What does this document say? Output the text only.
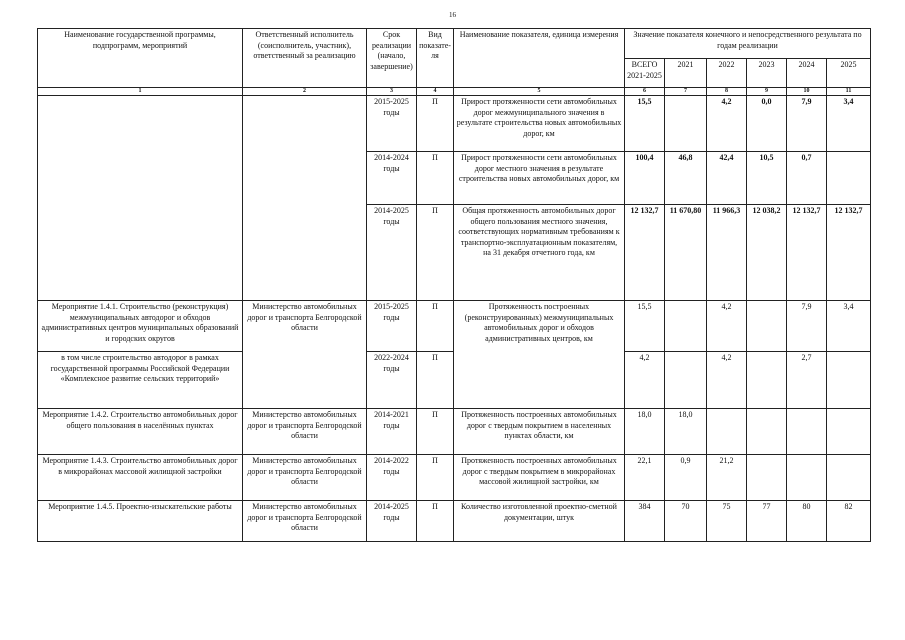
16
Наименование государственной программы, подпрограмм, мероприятий	Ответственный исполнитель (соисполнитель, участник), ответственный за реализацию	Срок реализации (начало, завершение)	Вид показате-ля	Наименование показателя, единица измерения	Значение показателя конечного и непосредственного результата по годам реализации					
					ВСЕГО 2021-2025	2021	2022	2023	2024	2025
1	2	3	4	5	6	7	8	9	10	11
		2015-2025 годы	П	Прирост протяженности сети автомобильных дорог межмуниципального значения в результате строительства новых автомобильных дорог, км	15,5		4,2	0,0	7,9	3,4
		2014-2024 годы	П	Прирост протяженности сети автомобильных дорог местного значения в результате строительства новых автомобильных дорог, км	100,4	46,8	42,4	10,5	0,7	
		2014-2025 годы	П	Общая протяженность автомобильных дорог общего пользования местного значения, соответствующих нормативным требованиям к транспортно-эксплуатационным показателям, на 31 декабря отчетного года, км	12 132,7	11 670,80	11 966,3	12 038,2	12 132,7	12 132,7
Мероприятие 1.4.1. Строительство (реконструкция) межмуниципальных автодорог и обходов административных центров муниципальных образований и городских округов	Министерство автомобильных дорог и транспорта Белгородской области	2015-2025 годы	П	Протяженность построенных (реконструированных) межмуниципальных автомобильных дорог и обходов административных центров, км	15,5		4,2		7,9	3,4
в том числе строительство автодорог в рамках государственной программы Российской Федерации «Комплексное развитие сельских территорий»		2022-2024 годы	П		4,2		4,2		2,7	
Мероприятие 1.4.2. Строительство автомобильных дорог общего пользования в населённых пунктах	Министерство автомобильных дорог и транспорта Белгородской области	2014-2021 годы	П	Протяженность построенных автомобильных дорог с твердым покрытием в населенных пунктах области, км	18,0	18,0				
Мероприятие 1.4.3. Строительство автомобильных дорог в микрорайонах массовой жилищной застройки	Министерство автомобильных дорог и транспорта Белгородской области	2014-2022 годы	П	Протяженность построенных автомобильных дорог с твердым покрытием в микрорайонах массовой жилищной застройки, км	22,1	0,9	21,2			
Мероприятие 1.4.5. Проектно-изыскательские работы	Министерство автомобильных дорог и транспорта Белгородской области	2014-2025 годы	П	Количество изготовленной проектно-сметной документации, штук	384	70	75	77	80	82
